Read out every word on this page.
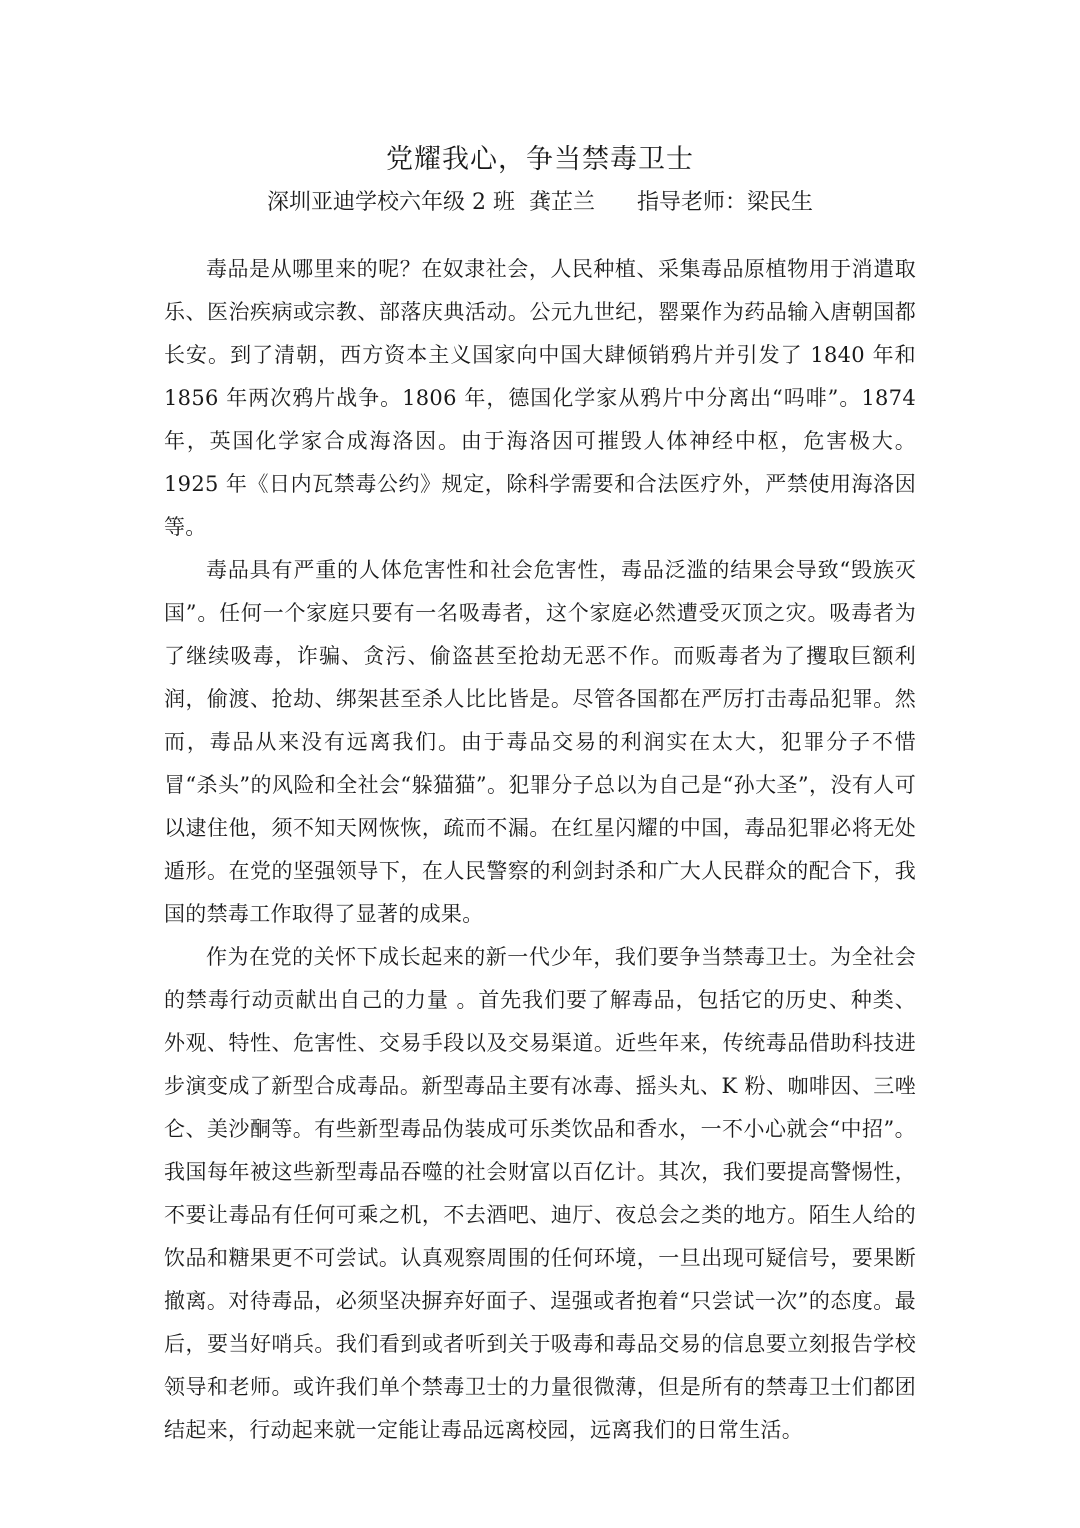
党耀我心，争当禁毒卫士
深圳亚迪学校六年级 2 班  龚芷兰      指导老师：梁民生

毒品是从哪里来的呢？在奴隶社会，人民种植、采集毒品原植物用于消遣取乐、医治疾病或宗教、部落庆典活动。公元九世纪，罂粟作为药品输入唐朝国都长安。到了清朝，西方资本主义国家向中国大肆倾销鸦片并引发了 1840 年和 1856 年两次鸦片战争。1806 年，德国化学家从鸦片中分离出“吗啡”。1874 年，英国化学家合成海洛因。由于海洛因可摧毁人体神经中枢，危害极大。1925 年《日内瓦禁毒公约》规定，除科学需要和合法医疗外，严禁使用海洛因等。

毒品具有严重的人体危害性和社会危害性，毒品泛滥的结果会导致“毁族灭国”。任何一个家庭只要有一名吸毒者，这个家庭必然遭受灭顶之灾。吸毒者为了继续吸毒，诈骗、贪污、偷盗甚至抢劫无恶不作。而贩毒者为了攫取巨额利润，偷渡、抢劫、绑架甚至杀人比比皆是。尽管各国都在严厉打击毒品犯罪。然而，毒品从来没有远离我们。由于毒品交易的利润实在太大，犯罪分子不惜冒“杀头”的风险和全社会“躲猫猫”。犯罪分子总以为自己是“孙大圣”，没有人可以逮住他，须不知天网恢恢，疏而不漏。在红星闪耀的中国，毒品犯罪必将无处遁形。在党的坚强领导下，在人民警察的利剑封杀和广大人民群众的配合下，我国的禁毒工作取得了显著的成果。

作为在党的关怀下成长起来的新一代少年，我们要争当禁毒卫士。为全社会的禁毒行动贡献出自己的力量 。首先我们要了解毒品，包括它的历史、种类、外观、特性、危害性、交易手段以及交易渠道。近些年来，传统毒品借助科技进步演变成了新型合成毒品。新型毒品主要有冰毒、摇头丸、K 粉、咖啡因、三唑仑、美沙酮等。有些新型毒品伪装成可乐类饮品和香水，一不小心就会“中招”。我国每年被这些新型毒品吞噬的社会财富以百亿计。其次，我们要提高警惕性，不要让毒品有任何可乘之机，不去酒吧、迪厅、夜总会之类的地方。陌生人给的饮品和糖果更不可尝试。认真观察周围的任何环境，一旦出现可疑信号，要果断撤离。对待毒品，必须坚决摒弃好面子、逞强或者抱着“只尝试一次”的态度。最后，要当好哨兵。我们看到或者听到关于吸毒和毒品交易的信息要立刻报告学校领导和老师。或许我们单个禁毒卫士的力量很微薄，但是所有的禁毒卫士们都团结起来，行动起来就一定能让毒品远离校园，远离我们的日常生活。
